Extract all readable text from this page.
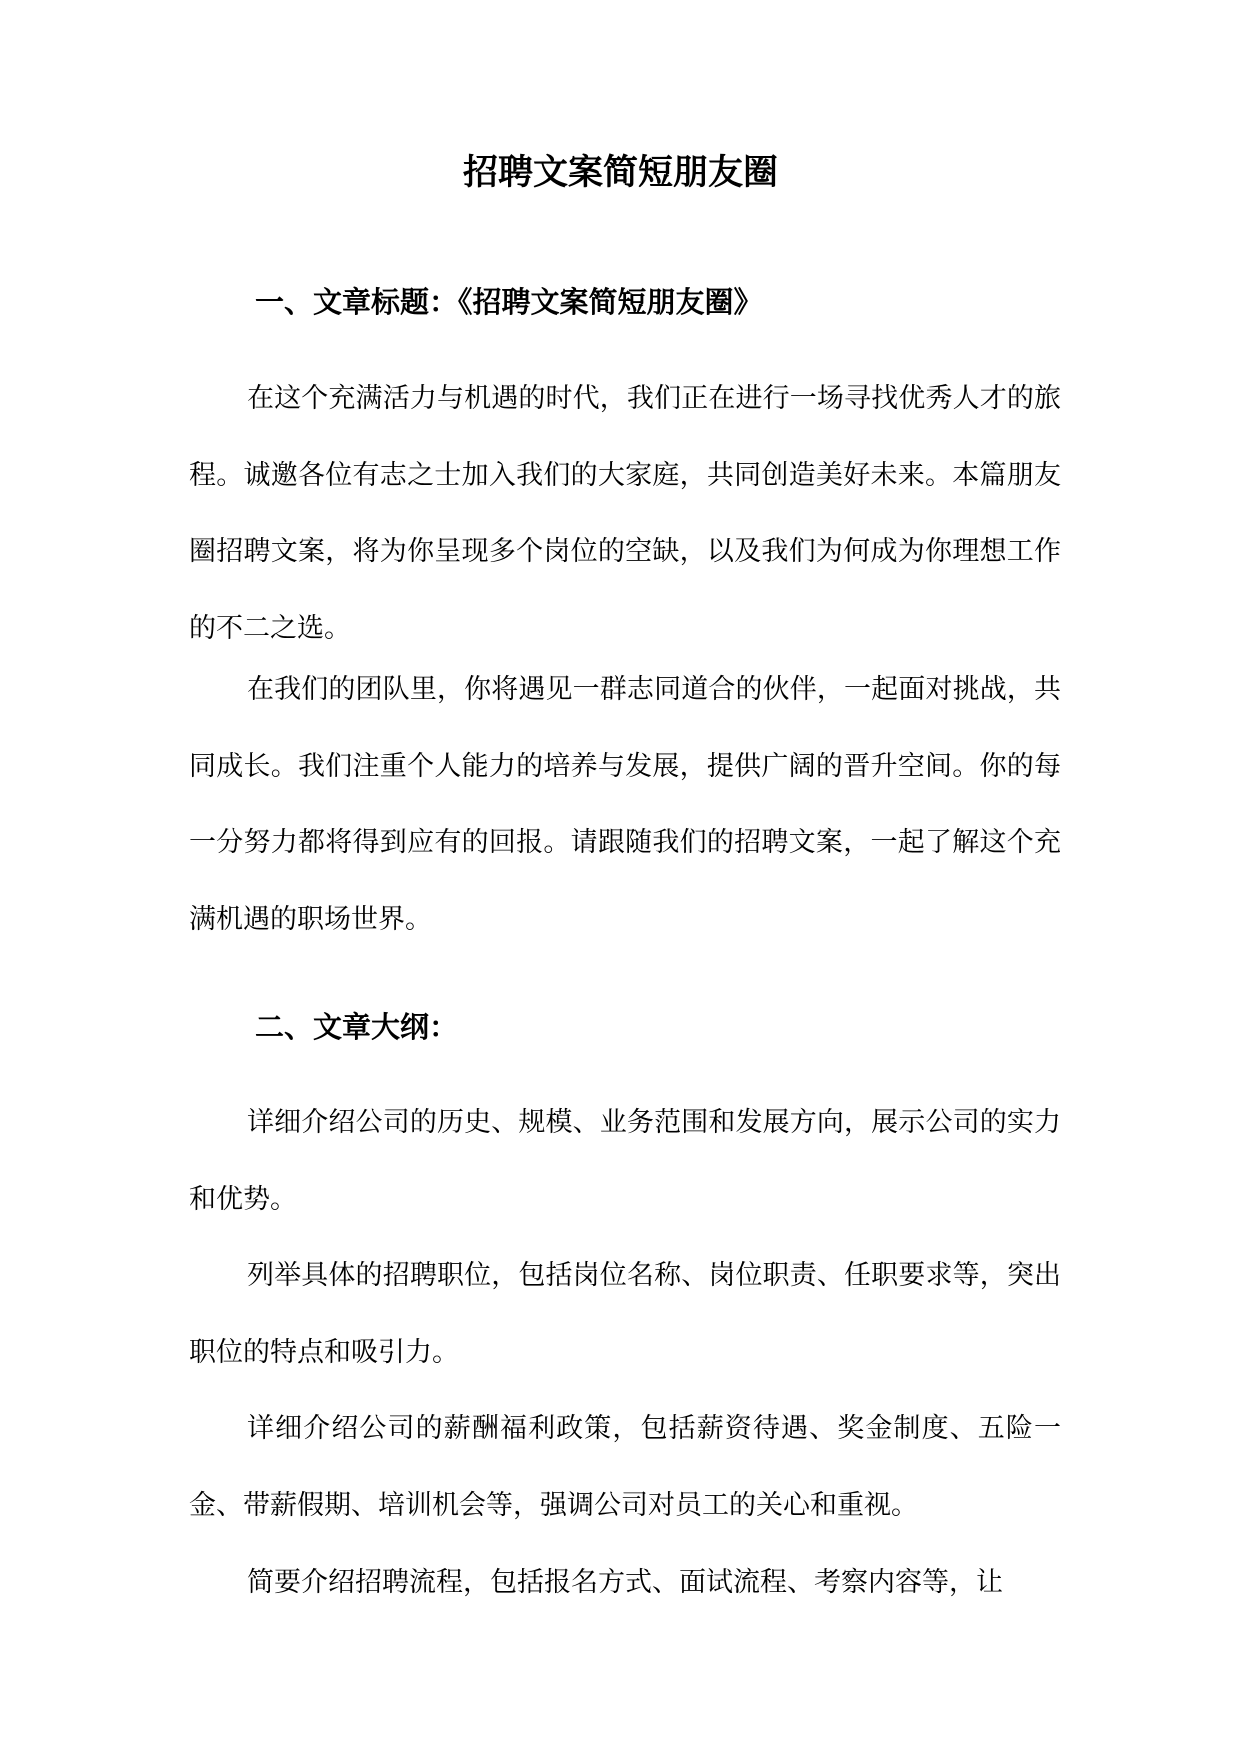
招聘文案简短朋友圈
一、文章标题：《招聘文案简短朋友圈》

在这个充满活力与机遇的时代，我们正在进行一场寻找优秀人才的旅程。诚邀各位有志之士加入我们的大家庭，共同创造美好未来。本篇朋友圈招聘文案，将为你呈现多个岗位的空缺，以及我们为何成为你理想工作的不二之选。

在我们的团队里，你将遇见一群志同道合的伙伴，一起面对挑战，共同成长。我们注重个人能力的培养与发展，提供广阔的晋升空间。你的每一分努力都将得到应有的回报。请跟随我们的招聘文案，一起了解这个充满机遇的职场世界。

二、文章大纲：

详细介绍公司的历史、规模、业务范围和发展方向，展示公司的实力和优势。

列举具体的招聘职位，包括岗位名称、岗位职责、任职要求等，突出职位的特点和吸引力。

详细介绍公司的薪酬福利政策，包括薪资待遇、奖金制度、五险一金、带薪假期、培训机会等，强调公司对员工的关心和重视。

简要介绍招聘流程，包括报名方式、面试流程、考察内容等，让
